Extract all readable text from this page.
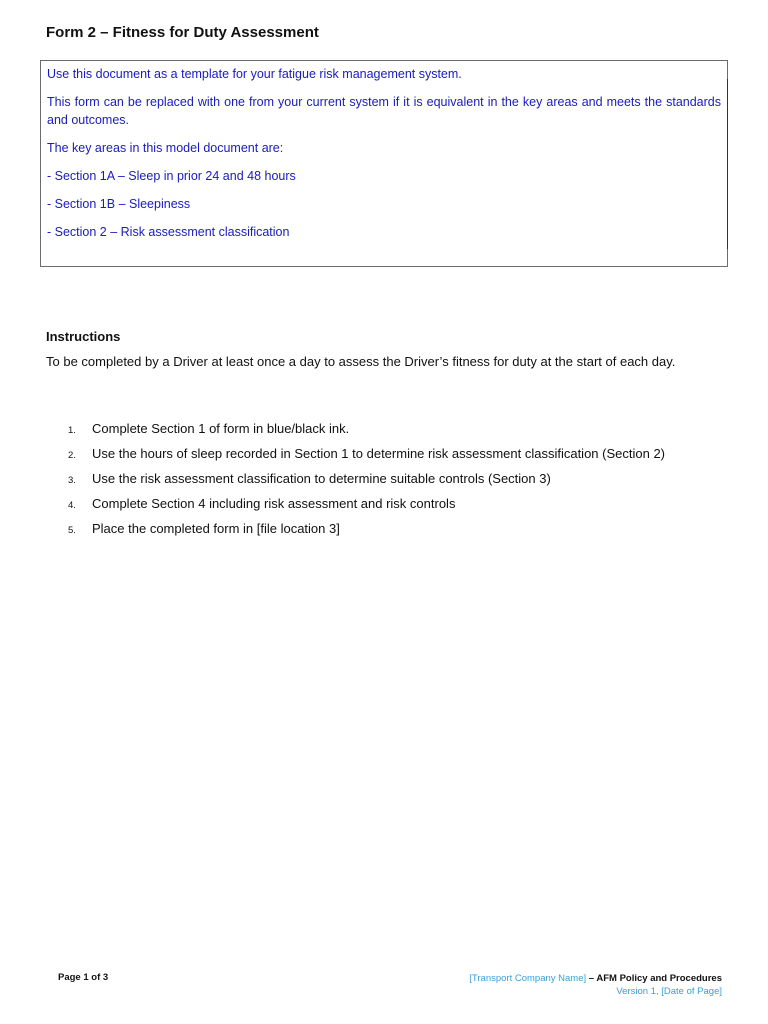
Form 2 – Fitness for Duty Assessment

Use this document as a template for your fatigue risk management system.

This form can be replaced with one from your current system if it is equivalent in the key areas and meets the standards and outcomes.

The key areas in this model document are:

- Section 1A – Sleep in prior 24 and 48 hours

- Section 1B – Sleepiness

- Section 2 – Risk assessment classification

Instructions
To be completed by a Driver at least once a day to assess the Driver’s fitness for duty at the start of each day.
1.	Complete Section 1 of form in blue/black ink.
2.	Use the hours of sleep recorded in Section 1 to determine risk assessment classification (Section 2)
3.	Use the risk assessment classification to determine suitable controls (Section 3)
4.	Complete Section 4 including risk assessment and risk controls
5.	Place the completed form in [file location 3]
Page 1 of 3	[Transport Company Name] – AFM Policy and Procedures
Version 1, [Date of Page]
